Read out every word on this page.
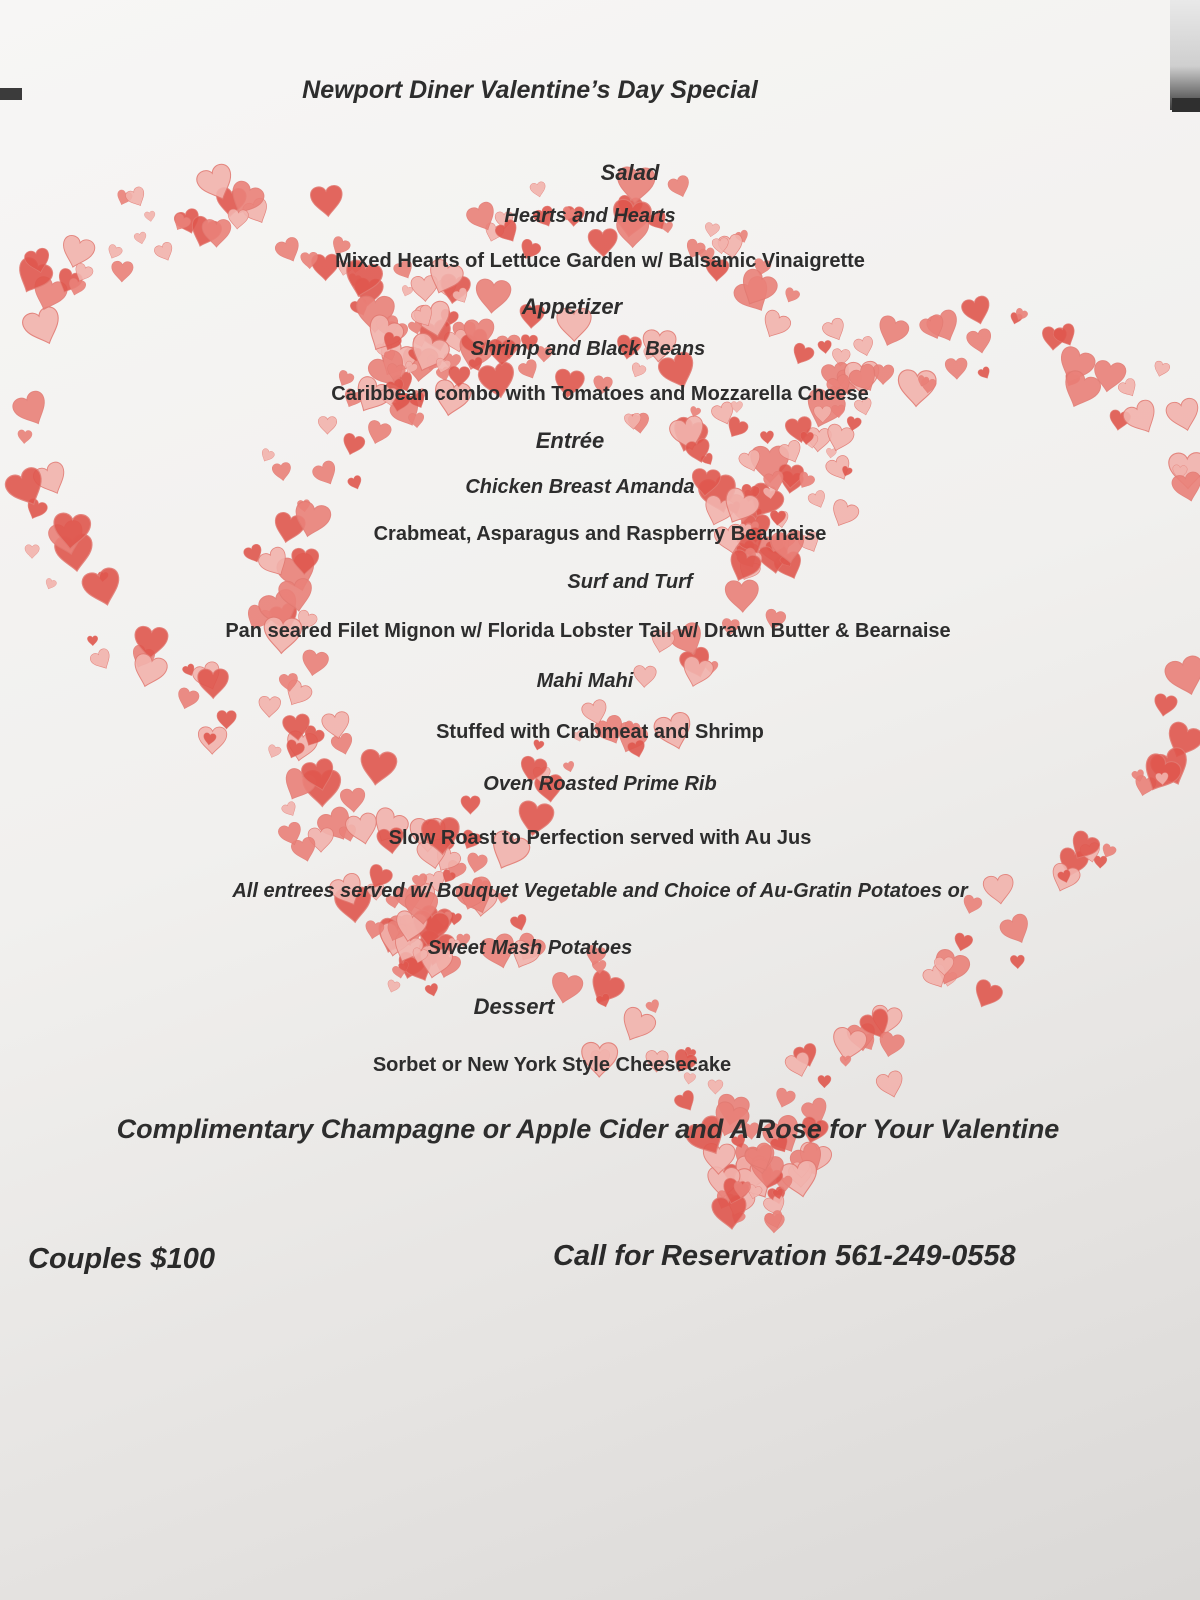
Newport Diner Valentine’s Day Special
Salad
Hearts and Hearts
Mixed Hearts of Lettuce Garden w/ Balsamic Vinaigrette
Appetizer
Shrimp and Black Beans
Caribbean combo with Tomatoes and Mozzarella Cheese
Entrée
Chicken Breast Amanda
Crabmeat, Asparagus and Raspberry Bearnaise
Surf and Turf
Pan seared Filet Mignon w/ Florida Lobster Tail w/ Drawn Butter & Bearnaise
Mahi Mahi
Stuffed with Crabmeat and Shrimp
Oven Roasted Prime Rib
Slow Roast to Perfection served with Au Jus
All entrees served w/ Bouquet Vegetable and Choice of Au-Gratin Potatoes or
Sweet Mash Potatoes
Dessert
Sorbet or New York Style Cheesecake
Complimentary Champagne or Apple Cider and A Rose for Your Valentine
Couples $100	Call for Reservation 561-249-0558
